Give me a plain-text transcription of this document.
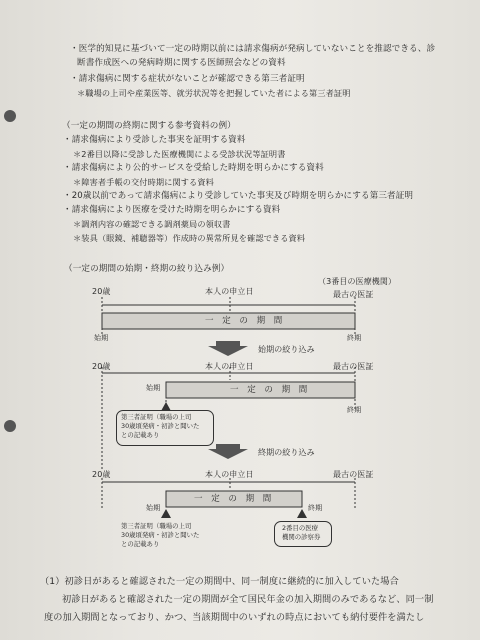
・医学的知見に基づいて一定の時期以前には請求傷病が発病していないことを推認できる、診
断書作成医への発病時期に関する医師照会などの資料
・請求傷病に関する症状がないことが確認できる第三者証明
＊職場の上司や産業医等、就労状況等を把握していた者による第三者証明
（一定の期間の終期に関する参考資料の例）
・請求傷病により受診した事実を証明する資料
＊2番目以降に受診した医療機関による受診状況等証明書
・請求傷病により公的サービスを受給した時期を明らかにする資料
＊障害者手帳の交付時期に関する資料
・20歳以前であって請求傷病により受診していた事実及び時期を明らかにする第三者証明
・請求傷病により医療を受けた時期を明らかにする資料
＊調剤内容の確認できる調剤薬局の領収書
＊装具（眼鏡、補聴器等）作成時の異常所見を確認できる資料
（一定の期間の始期・終期の絞り込み例）
20歳	本人の申立日
（3番目の医療機関）
最古の医証
一 定 の 期 間
始期	終期
始期の絞り込み
20歳	本人の申立日	最古の医証
始期	一 定 の 期 間
終期
第三者証明（職場の上司
30歳頃発病・初診と聞いた
との記載あり
終期の絞り込み
20歳	本人の申立日	最古の医証
始期
一 定 の 期 間
終期
第三者証明（職場の上司
30歳頃発病・初診と聞いた
との記載あり
2番目の医療
機関の診察券
（1）初診日があると確認された一定の期間中、同一制度に継続的に加入していた場合
初診日があると確認された一定の期間が全て国民年金の加入期間のみであるなど、同一制
度の加入期間となっており、かつ、当該期間中のいずれの時点においても納付要件を満たし
